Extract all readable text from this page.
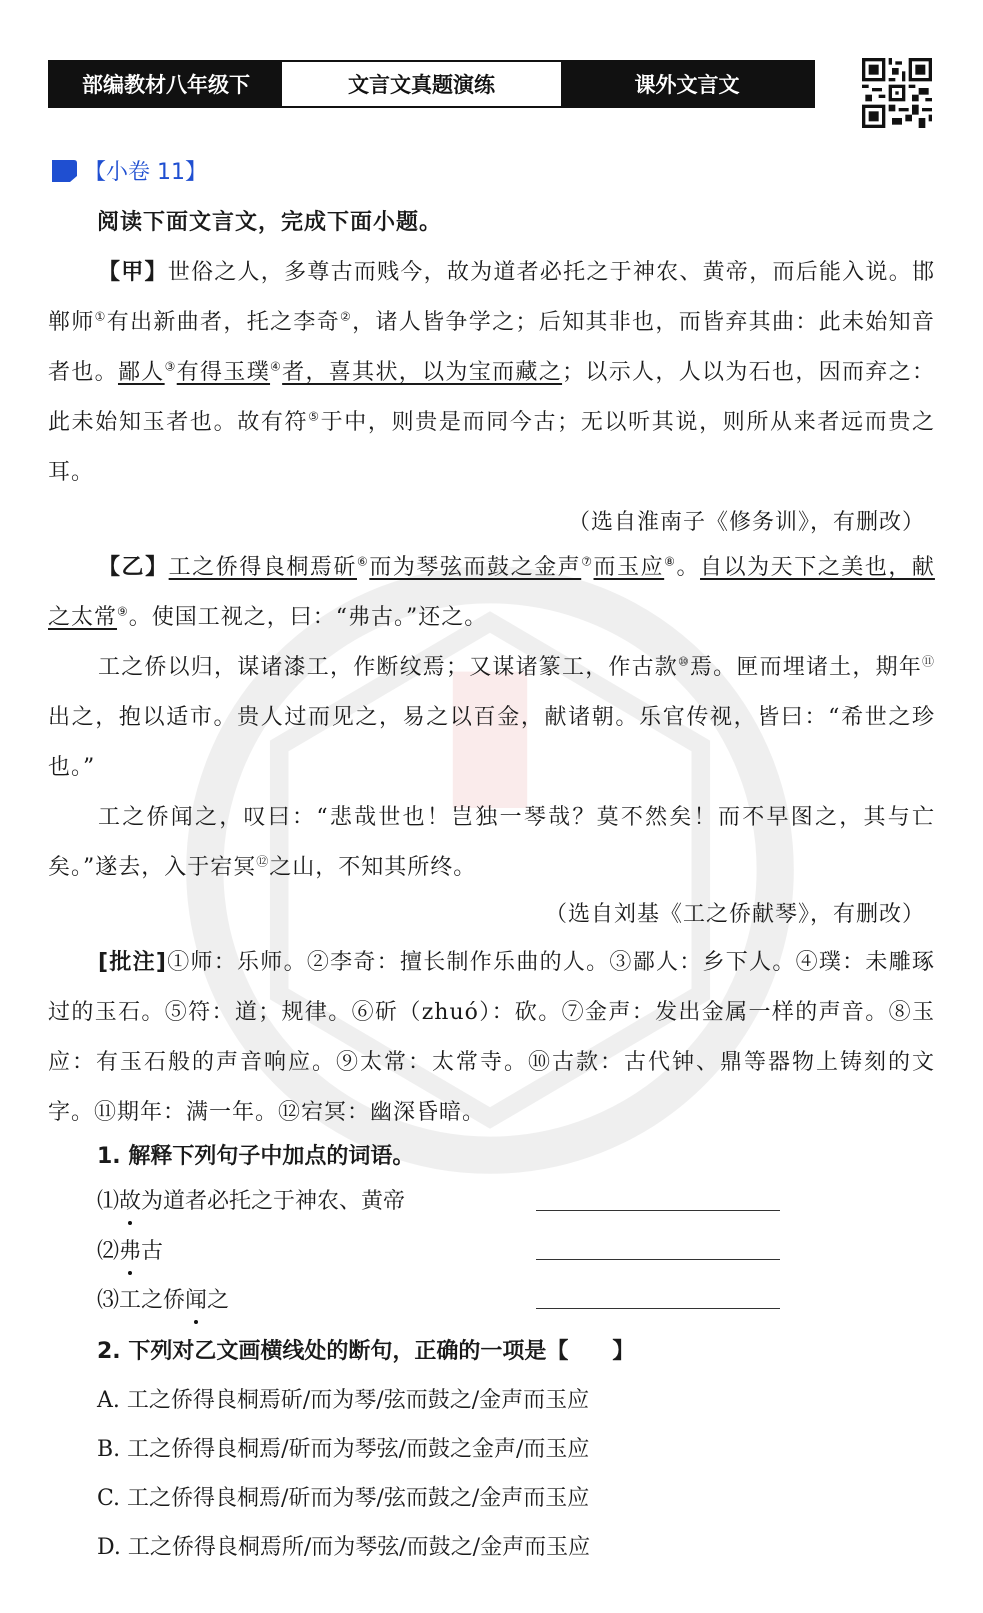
部编教材八年级下	文言文真题演练	课外文言文
【小卷 11】
阅读下面文言文，完成下面小题。
【甲】世俗之人，多尊古而贱今，故为道者必托之于神农、黄帝，而后能入说。邯郸师①有出新曲者，托之李奇②，诸人皆争学之；后知其非也，而皆弃其曲：此未始知音者也。鄙人③有得玉璞④者，喜其状，以为宝而藏之；以示人，人以为石也，因而弃之：此未始知玉者也。故有符⑤于中，则贵是而同今古；无以听其说，则所从来者远而贵之耳。
（选自淮南子《修务训》，有删改）
【乙】工之侨得良桐焉斫⑥而为琴弦而鼓之金声⑦而玉应⑧。自以为天下之美也，献之太常⑨。使国工视之，曰：“弗古。”还之。
工之侨以归，谋诸漆工，作断纹焉；又谋诸篆工，作古款⑩焉。匣而埋诸土，期年⑪出之，抱以适市。贵人过而见之，易之以百金，献诸朝。乐官传视，皆曰：“希世之珍也。”
工之侨闻之，叹曰：“悲哉世也！岂独一琴哉？莫不然矣！而不早图之，其与亡矣。”遂去，入于宕冥⑫之山，不知其所终。
（选自刘基《工之侨献琴》，有删改）
[批注]①师：乐师。②李奇：擅长制作乐曲的人。③鄙人：乡下人。④璞：未雕琢过的玉石。⑤符：道；规律。⑥斫（zhuó）：砍。⑦金声：发出金属一样的声音。⑧玉应：有玉石般的声音响应。⑨太常：太常寺。⑩古款：古代钟、鼎等器物上铸刻的文字。⑪期年：满一年。⑫宕冥：幽深昏暗。
1. 解释下列句子中加点的词语。
⑴故为道者必托之于神农、黄帝
⑵弗古
⑶工之侨闻之
2. 下列对乙文画横线处的断句，正确的一项是【　　】
A. 工之侨得良桐焉斫/而为琴/弦而鼓之/金声而玉应
B. 工之侨得良桐焉/斫而为琴弦/而鼓之金声/而玉应
C. 工之侨得良桐焉/斫而为琴/弦而鼓之/金声而玉应
D. 工之侨得良桐焉所/而为琴弦/而鼓之/金声而玉应
